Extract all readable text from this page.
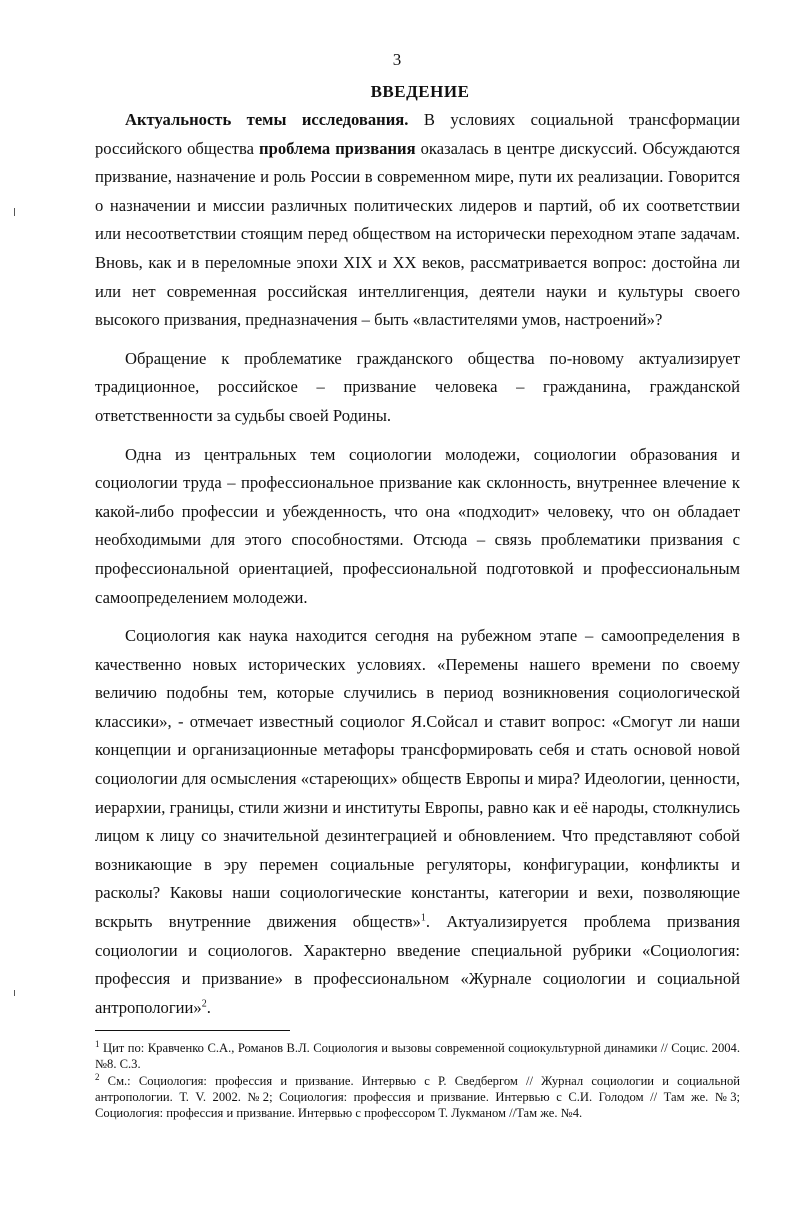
3
ВВЕДЕНИЕ

Актуальность темы исследования. В условиях социальной трансформации российского общества проблема призвания оказалась в центре дискуссий. Обсуждаются призвание, назначение и роль России в современном мире, пути их реализации. Говорится о назначении и миссии различных политических лидеров и партий, об их соответствии или несоответствии стоящим перед обществом на исторически переходном этапе задачам. Вновь, как и в переломные эпохи XIX и XX веков, рассматривается вопрос: достойна ли или нет современная российская интеллигенция, деятели науки и культуры своего высокого призвания, предназначения – быть «властителями умов, настроений»?

Обращение к проблематике гражданского общества по-новому актуализирует традиционное, российское – призвание человека – гражданина, гражданской ответственности за судьбы своей Родины.

Одна из центральных тем социологии молодежи, социологии образования и социологии труда – профессиональное призвание как склонность, внутреннее влечение к какой-либо профессии и убежденность, что она «подходит» человеку, что он обладает необходимыми для этого способностями. Отсюда – связь проблематики призвания с профессиональной ориентацией, профессиональной подготовкой и профессиональным самоопределением молодежи.

Социология как наука находится сегодня на рубежном этапе – самоопределения в качественно новых исторических условиях. «Перемены нашего времени по своему величию подобны тем, которые случились в период возникновения социологической классики», - отмечает известный социолог Я.Сойсал и ставит вопрос: «Смогут ли наши концепции и организационные метафоры трансформировать себя и стать основой новой социологии для осмысления «стареющих» обществ Европы и мира? Идеологии, ценности, иерархии, границы, стили жизни и институты Европы, равно как и её народы, столкнулись лицом к лицу со значительной дезинтеграцией и обновлением. Что представляют собой возникающие в эру перемен социальные регуляторы, конфигурации, конфликты и расколы? Каковы наши социологические константы, категории и вехи, позволяющие вскрыть внутренние движения обществ»$^1$. Актуализируется проблема призвания социологии и социологов. Характерно введение специальной рубрики «Социология: профессия и призвание» в профессиональном «Журнале социологии и социальной антропологии»$^2$.

$^1$ Цит по: Кравченко С.А., Романов В.Л. Социология и вызовы современной социокультурной динамики // Социс. 2004. №8. С.3.

$^2$ См.: Социология: профессия и призвание. Интервью с Р. Сведбергом // Журнал социологии и социальной антропологии. Т. V. 2002. №2; Социология: профессия и призвание. Интервью с С.И. Голодом // Там же. №3; Социология: профессия и призвание. Интервью с профессором Т. Лукманом //Там же. №4.
